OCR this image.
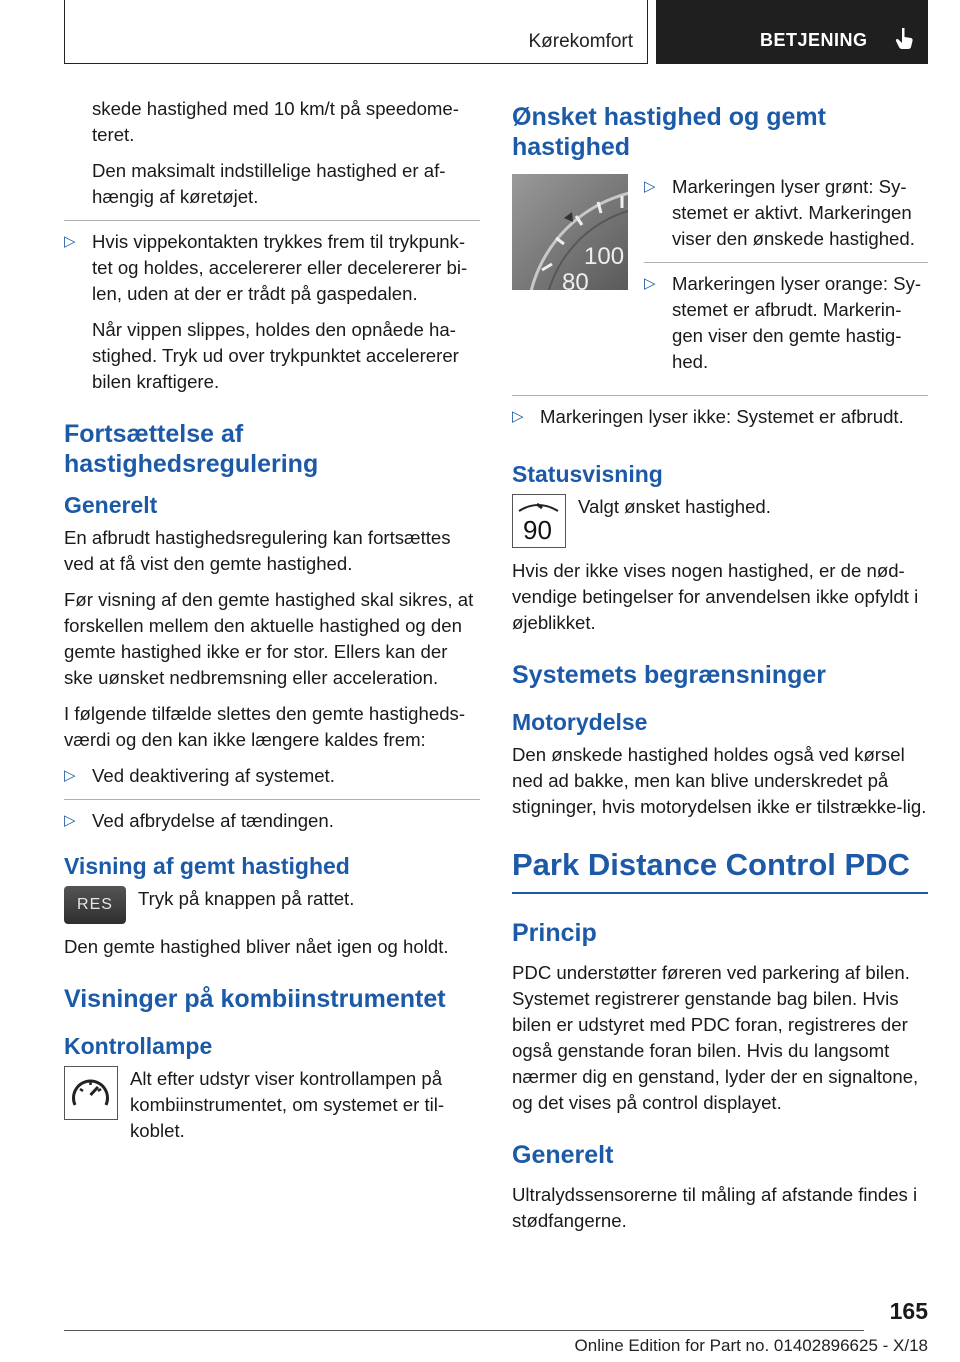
Kørekomfort	BETJENING

skede hastighed med 10 km/t på speedome-teret.

Den maksimalt indstillelige hastighed er af-hængig af køretøjet.

▷ Hvis vippekontakten trykkes frem til trykpunk-tet og holdes, accelererer eller decelererer bi-len, uden at der er trådt på gaspedalen.

Når vippen slippes, holdes den opnåede ha-stighed. Tryk ud over trykpunktet accelererer bilen kraftigere.

Fortsættelse af hastighedsregulering
Generelt

En afbrudt hastighedsregulering kan fortsættes ved at få vist den gemte hastighed.

Før visning af den gemte hastighed skal sikres, at forskellen mellem den aktuelle hastighed og den gemte hastighed ikke er for stor. Ellers kan der ske uønsket nedbremsning eller acceleration.

I følgende tilfælde slettes den gemte hastigheds-værdi og den kan ikke længere kaldes frem:

▷ Ved deaktivering af systemet.
▷ Ved afbrydelse af tændingen.
Visning af gemt hastighed
RES Tryk på knappen på rattet.

Den gemte hastighed bliver nået igen og holdt.

Visninger på kombiinstrumentet
Kontrollampe
Alt efter udstyr viser kontrollampen på kombiinstrumentet, om systemet er til-koblet.
Ønsket hastighed og gemt hastighed
100
80
▷ Markeringen lyser grønt: Sy-stemet er aktivt. Markeringen viser den ønskede hastighed.
▷ Markeringen lyser orange: Sy-stemet er afbrudt. Markerin-gen viser den gemte hastig-hed.
▷ Markeringen lyser ikke: Systemet er afbrudt.
Statusvisning
90
Valgt ønsket hastighed.

Hvis der ikke vises nogen hastighed, er de nød-vendige betingelser for anvendelsen ikke opfyldt i øjeblikket.

Systemets begrænsninger
Motorydelse

Den ønskede hastighed holdes også ved kørsel ned ad bakke, men kan blive underskredet på stigninger, hvis motorydelsen ikke er tilstrække-lig.

Park Distance Control PDC
Princip

PDC understøtter føreren ved parkering af bilen. Systemet registrerer genstande bag bilen. Hvis bilen er udstyret med PDC foran, registreres der også genstande foran bilen. Hvis du langsomt nærmer dig en genstand, lyder der en signaltone, og det vises på control displayet.

Generelt

Ultralydssensorerne til måling af afstande findes i stødfangerne.

165
Online Edition for Part no. 01402896625 - X/18
